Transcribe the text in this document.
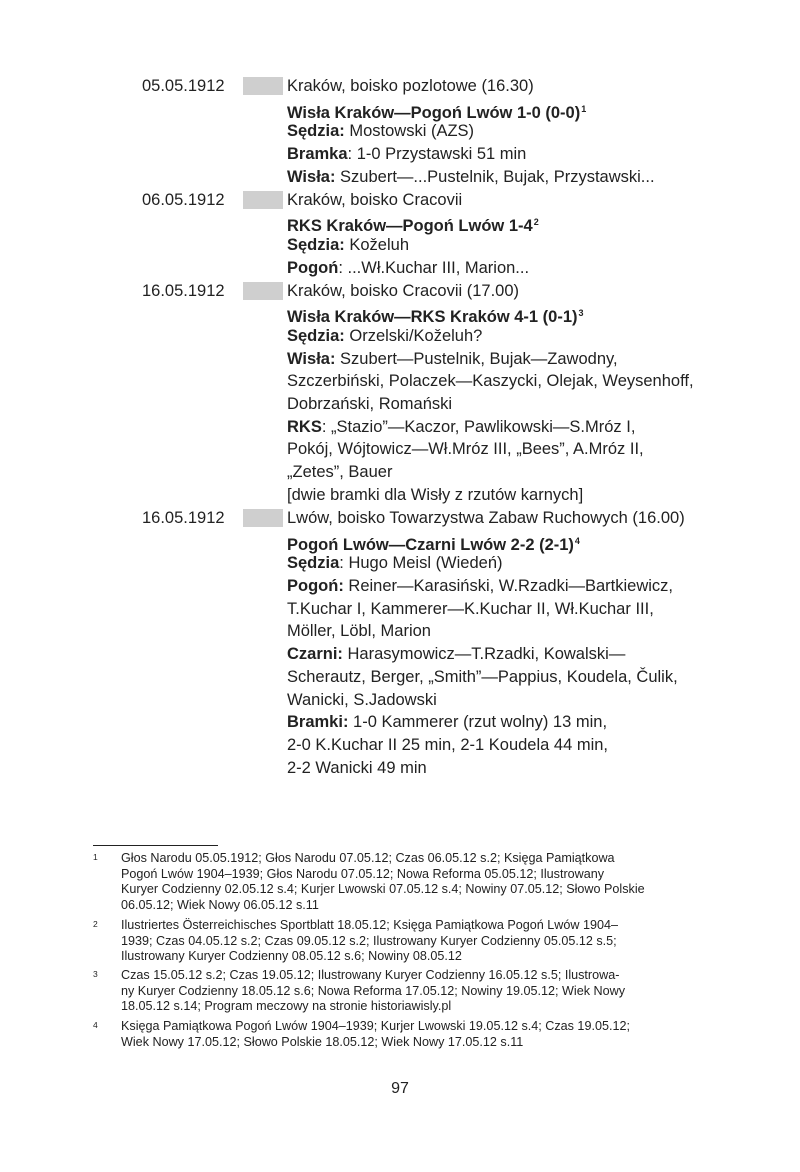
05.05.1912	Kraków, boisko pozlotowe (16.30)
Wisła Kraków—Pogoń Lwów 1-0 $(0-0)^1$
Sędzia: Mostowski (AZS)
Bramka: 1-0 Przystawski 51 min
Wisła: Szubert—...Pustelnik, Bujak, Przystawski...
06.05.1912	Kraków, boisko Cracovii
RKS Kraków—Pogoń Lwów $1-4^2$
Sędzia: Koželuh
Pogoń: ...Wł.Kuchar III, Marion...
16.05.1912	Kraków, boisko Cracovii (17.00)
Wisła Kraków—RKS Kraków 4-1 $(0-1)^3$
Sędzia: Orzelski/Koželuh?
Wisła: Szubert—Pustelnik, Bujak—Zawodny,
Szczerbiński, Polaczek—Kaszycki, Olejak, Weysenhoff,
Dobrzański, Romański
RKS: „Stazio”—Kaczor, Pawlikowski—S.Mróz I,
Pokój, Wójtowicz—Wł.Mróz III, „Bees”, A.Mróz II,
„Zetes”, Bauer
[dwie bramki dla Wisły z rzutów karnych]
16.05.1912	Lwów, boisko Towarzystwa Zabaw Ruchowych (16.00)
Pogoń Lwów—Czarni Lwów 2-2 $(2-1)^4$
Sędzia: Hugo Meisl (Wiedeń)
Pogoń: Reiner—Karasiński, W.Rzadki—Bartkiewicz,
T.Kuchar I, Kammerer—K.Kuchar II, Wł.Kuchar III,
Möller, Löbl, Marion
Czarni: Harasymowicz—T.Rzadki, Kowalski—
Scherautz, Berger, „Smith”—Pappius, Koudela, Čulik,
Wanicki, S.Jadowski
Bramki: 1-0 Kammerer (rzut wolny) 13 min,
2-0 K.Kuchar II 25 min, 2-1 Koudela 44 min,
2-2 Wanicki 49 min
1 Głos Narodu 05.05.1912; Głos Narodu 07.05.12; Czas 06.05.12 s.2; Księga Pamiątkowa
Pogoń Lwów 1904–1939; Głos Narodu 07.05.12; Nowa Reforma 05.05.12; Ilustrowany
Kuryer Codzienny 02.05.12 s.4; Kurjer Lwowski 07.05.12 s.4; Nowiny 07.05.12; Słowo Polskie
06.05.12; Wiek Nowy 06.05.12 s.11
2 Ilustriertes Österreichisches Sportblatt 18.05.12; Księga Pamiątkowa Pogoń Lwów 1904–
1939; Czas 04.05.12 s.2; Czas 09.05.12 s.2; Ilustrowany Kuryer Codzienny 05.05.12 s.5;
Ilustrowany Kuryer Codzienny 08.05.12 s.6; Nowiny 08.05.12
3 Czas 15.05.12 s.2; Czas 19.05.12; Ilustrowany Kuryer Codzienny 16.05.12 s.5; Ilustrowa-
ny Kuryer Codzienny 18.05.12 s.6; Nowa Reforma 17.05.12; Nowiny 19.05.12; Wiek Nowy
18.05.12 s.14; Program meczowy na stronie historiawisly.pl
4 Księga Pamiątkowa Pogoń Lwów 1904–1939; Kurjer Lwowski 19.05.12 s.4; Czas 19.05.12;
Wiek Nowy 17.05.12; Słowo Polskie 18.05.12; Wiek Nowy 17.05.12 s.11
97
